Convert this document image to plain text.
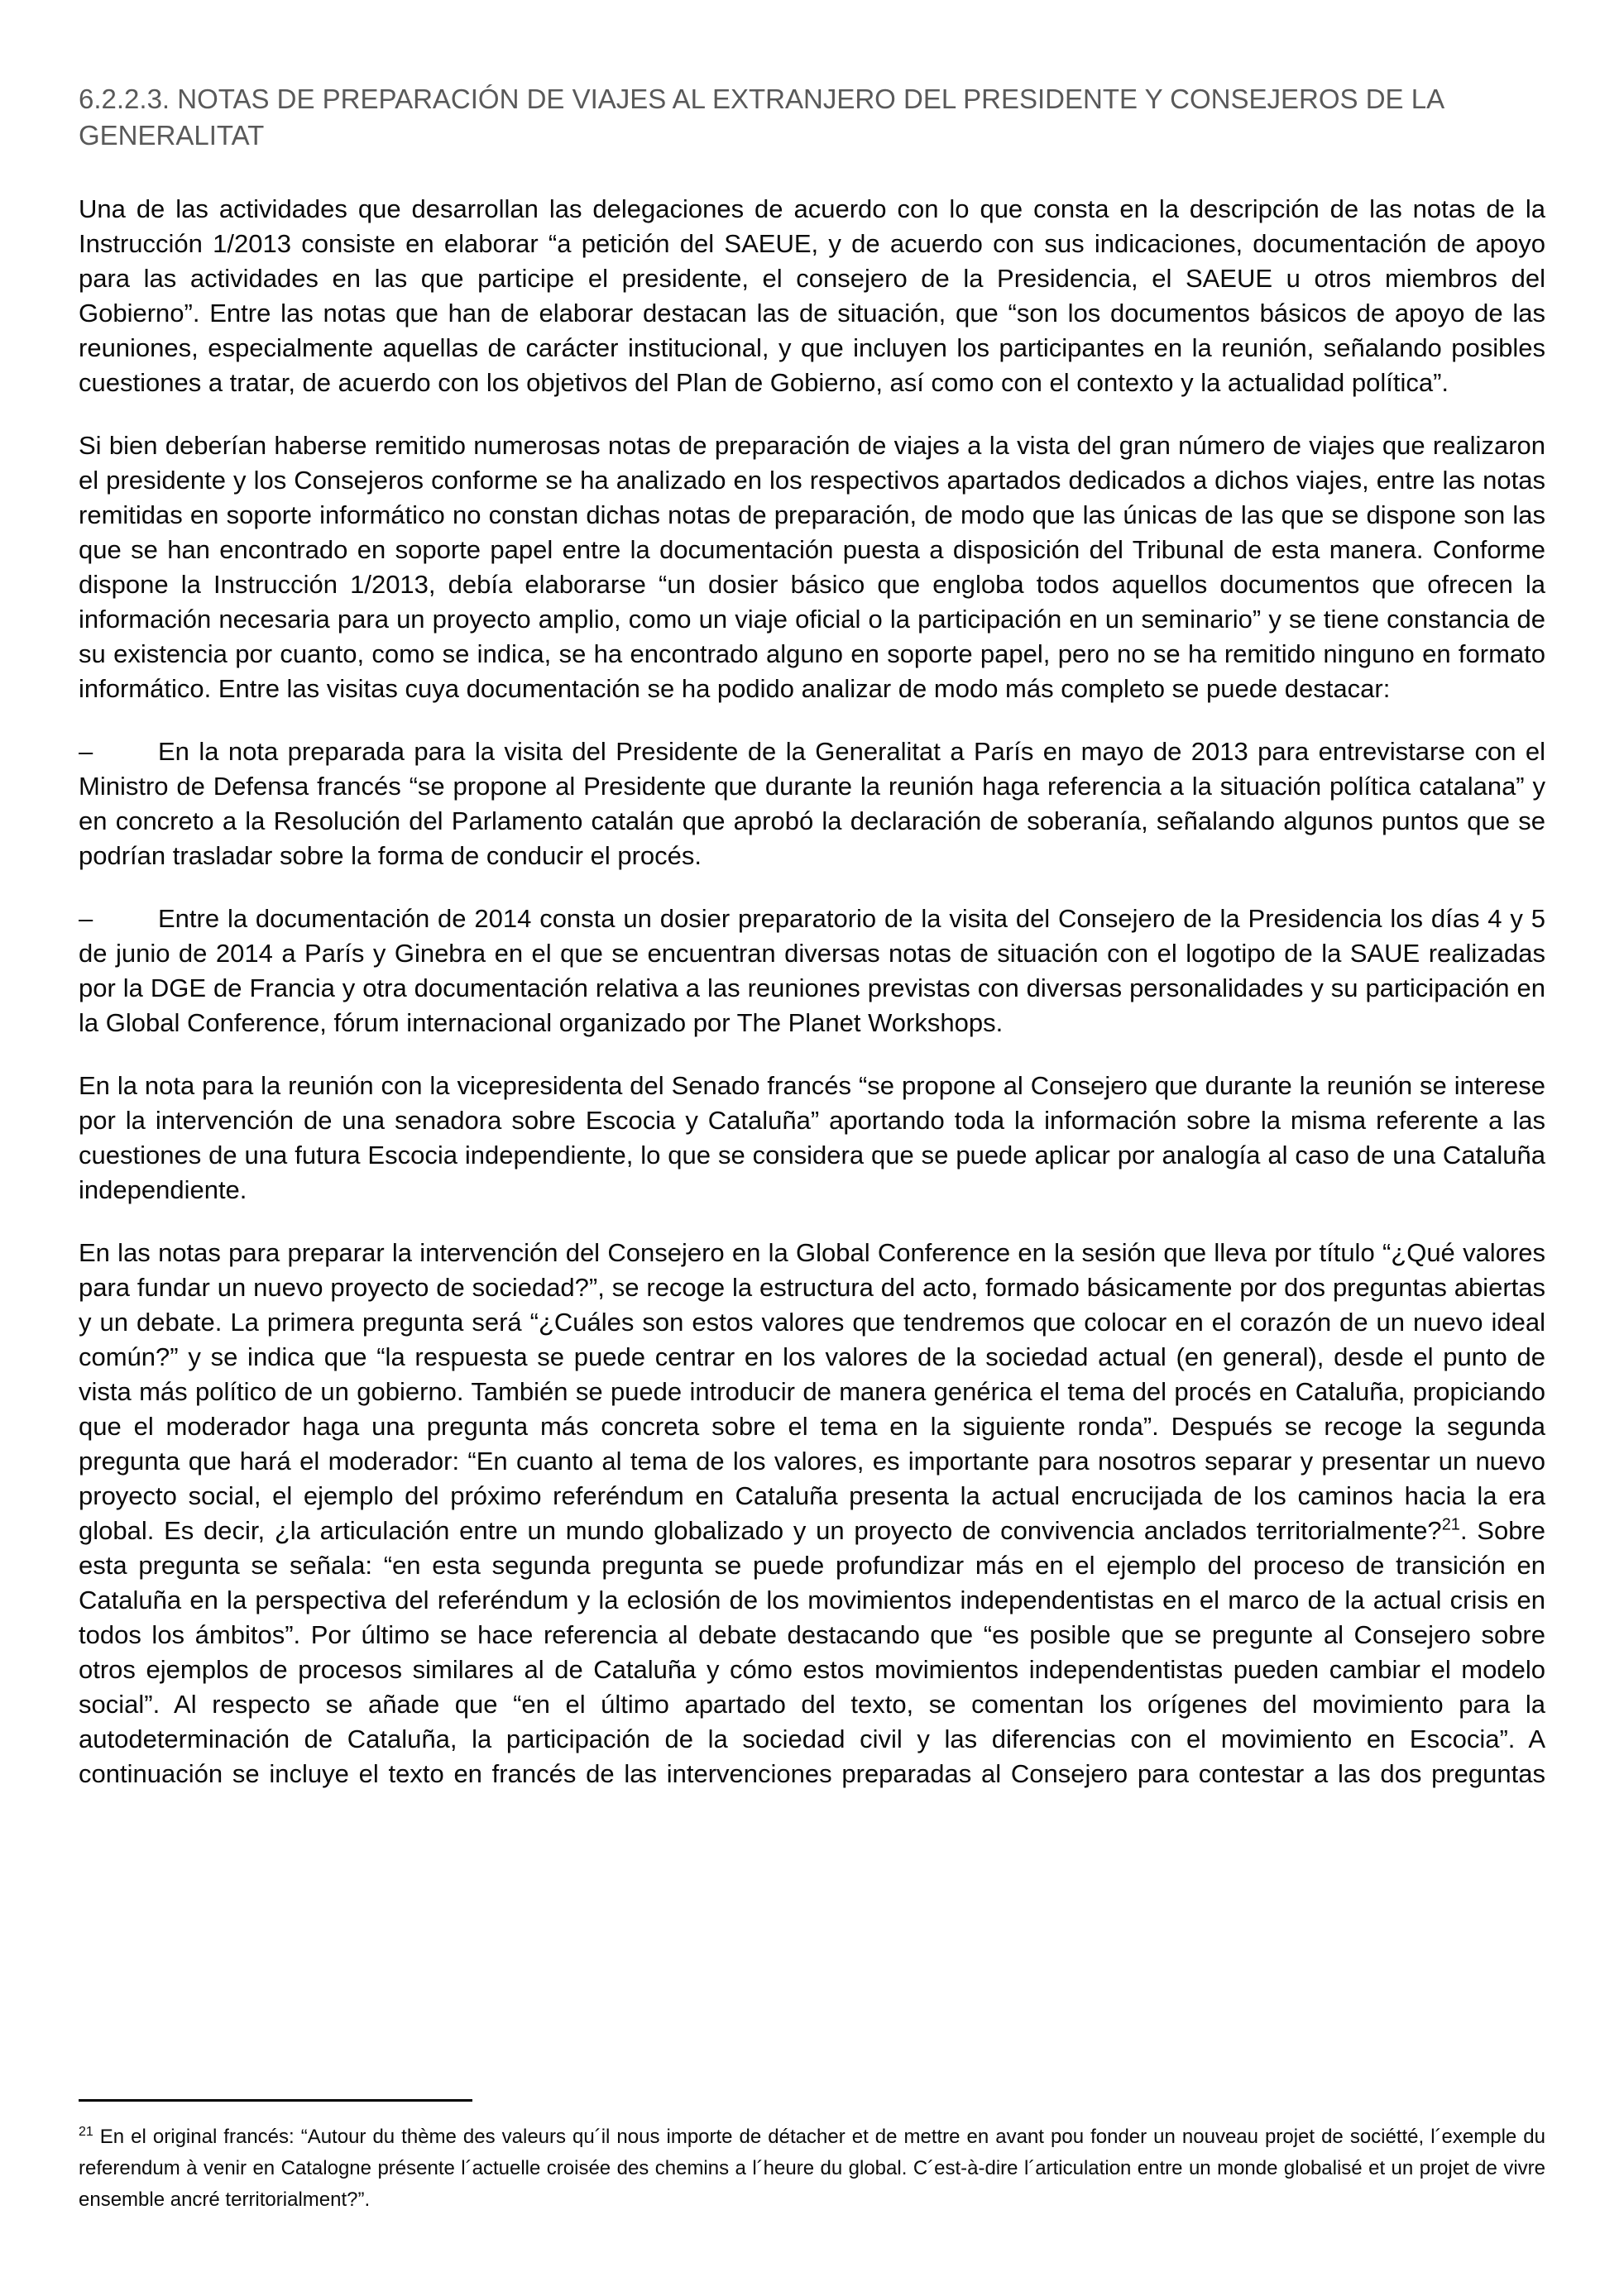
6.2.2.3. NOTAS DE PREPARACIÓN DE VIAJES AL EXTRANJERO DEL PRESIDENTE Y CONSEJEROS DE LA GENERALITAT

Una de las actividades que desarrollan las delegaciones de acuerdo con lo que consta en la descripción de las notas de la Instrucción 1/2013 consiste en elaborar “a petición del SAEUE, y de acuerdo con sus indicaciones, documentación de apoyo para las actividades en las que participe el presidente, el consejero de la Presidencia, el SAEUE u otros miembros del Gobierno”. Entre las notas que han de elaborar destacan las de situación, que “son los documentos básicos de apoyo de las reuniones, especialmente aquellas de carácter institucional, y que incluyen los participantes en la reunión, señalando posibles cuestiones a tratar, de acuerdo con los objetivos del Plan de Gobierno, así como con el contexto y la actualidad política”.

Si bien deberían haberse remitido numerosas notas de preparación de viajes a la vista del gran número de viajes que realizaron el presidente y los Consejeros conforme se ha analizado en los respectivos apartados dedicados a dichos viajes, entre las notas remitidas en soporte informático no constan dichas notas de preparación, de modo que las únicas de las que se dispone son las que se han encontrado en soporte papel entre la documentación puesta a disposición del Tribunal de esta manera. Conforme dispone la Instrucción 1/2013, debía elaborarse “un dosier básico que engloba todos aquellos documentos que ofrecen la información necesaria para un proyecto amplio, como un viaje oficial o la participación en un seminario” y se tiene constancia de su existencia por cuanto, como se indica, se ha encontrado alguno en soporte papel, pero no se ha remitido ninguno en formato informático. Entre las visitas cuya documentación se ha podido analizar de modo más completo se puede destacar:

–	En la nota preparada para la visita del Presidente de la Generalitat a París en mayo de 2013 para entrevistarse con el Ministro de Defensa francés “se propone al Presidente que durante la reunión haga referencia a la situación política catalana” y en concreto a la Resolución del Parlamento catalán que aprobó la declaración de soberanía, señalando algunos puntos que se podrían trasladar sobre la forma de conducir el procés.

–	Entre la documentación de 2014 consta un dosier preparatorio de la visita del Consejero de la Presidencia los días 4 y 5 de junio de 2014 a París y Ginebra en el que se encuentran diversas notas de situación con el logotipo de la SAUE realizadas por la DGE de Francia y otra documentación relativa a las reuniones previstas con diversas personalidades y su participación en la Global Conference, fórum internacional organizado por The Planet Workshops.

En la nota para la reunión con la vicepresidenta del Senado francés “se propone al Consejero que durante la reunión se interese por la intervención de una senadora sobre Escocia y Cataluña” aportando toda la información sobre la misma referente a las cuestiones de una futura Escocia independiente, lo que se considera que se puede aplicar por analogía al caso de una Cataluña independiente.

En las notas para preparar la intervención del Consejero en la Global Conference en la sesión que lleva por título “¿Qué valores para fundar un nuevo proyecto de sociedad?”, se recoge la estructura del acto, formado básicamente por dos preguntas abiertas y un debate. La primera pregunta será “¿Cuáles son estos valores que tendremos que colocar en el corazón de un nuevo ideal común?” y se indica que “la respuesta se puede centrar en los valores de la sociedad actual (en general), desde el punto de vista más político de un gobierno. También se puede introducir de manera genérica el tema del procés en Cataluña, propiciando que el moderador haga una pregunta más concreta sobre el tema en la siguiente ronda”. Después se recoge la segunda pregunta que hará el moderador: “En cuanto al tema de los valores, es importante para nosotros separar y presentar un nuevo proyecto social, el ejemplo del próximo referéndum en Cataluña presenta la actual encrucijada de los caminos hacia la era global. Es decir, ¿la articulación entre un mundo globalizado y un proyecto de convivencia anclados territorialmente?$^{21}$. Sobre esta pregunta se señala: “en esta segunda pregunta se puede profundizar más en el ejemplo del proceso de transición en Cataluña en la perspectiva del referéndum y la eclosión de los movimientos independentistas en el marco de la actual crisis en todos los ámbitos”. Por último se hace referencia al debate destacando que “es posible que se pregunte al Consejero sobre otros ejemplos de procesos similares al de Cataluña y cómo estos movimientos independentistas pueden cambiar el modelo social”. Al respecto se añade que “en el último apartado del texto, se comentan los orígenes del movimiento para la autodeterminación de Cataluña, la participación de la sociedad civil y las diferencias con el movimiento en Escocia”. A continuación se incluye el texto en francés de las intervenciones preparadas al Consejero para contestar a las dos preguntas

$^{21}$ En el original francés: “Autour du thème des valeurs qu´il nous importe de détacher et de mettre en avant pou fonder un nouveau projet de sociétté, l´exemple du referendum à venir en Catalogne présente l´actuelle croisée des chemins a l´heure du global. C´est-à-dire l´articulation entre un monde globalisé et un projet de vivre ensemble ancré territorialment?”.
